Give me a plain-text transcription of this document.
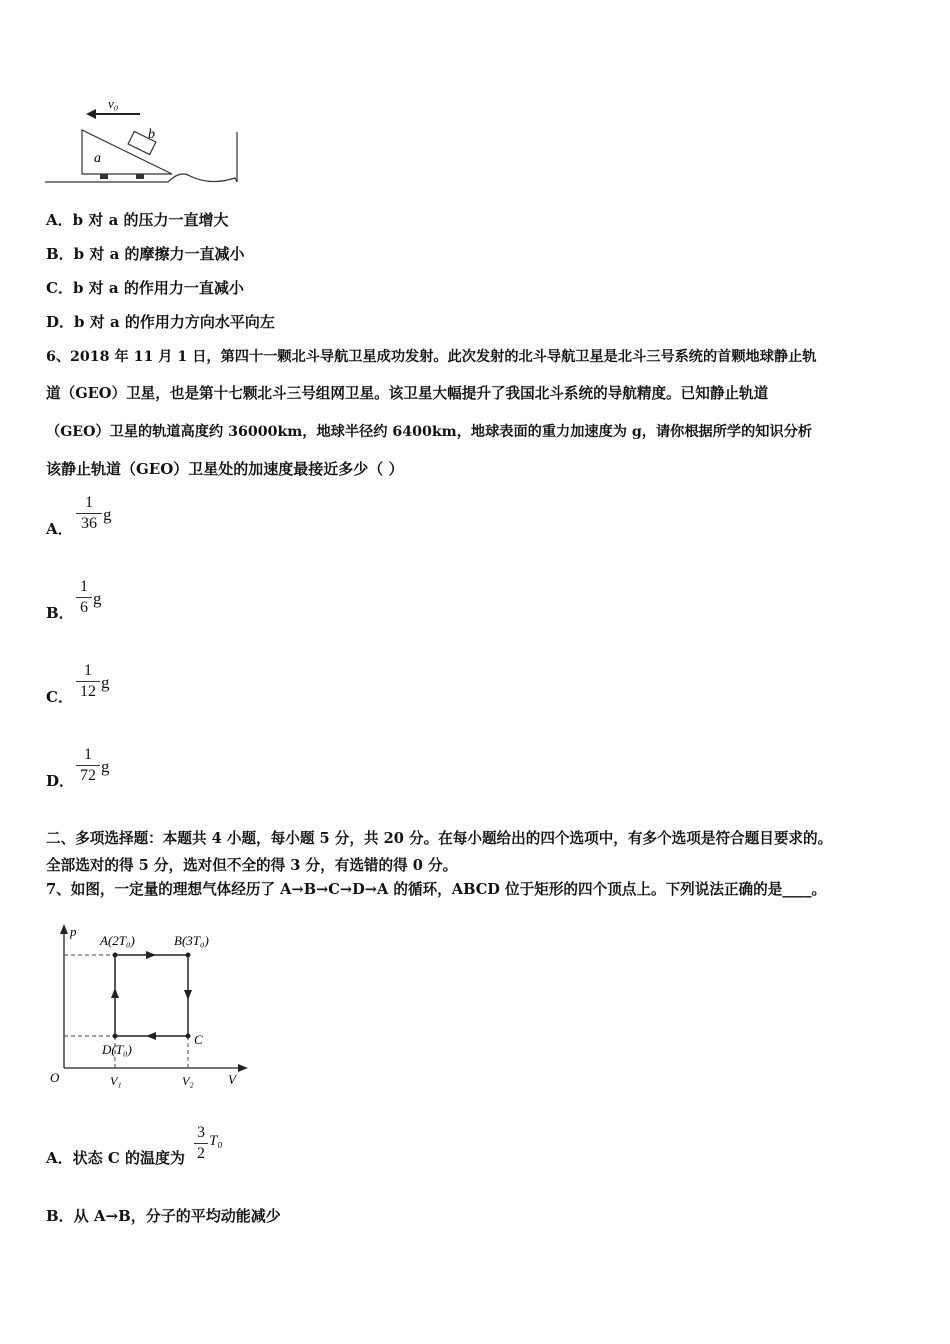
v₀
a
b
A．b 对 a 的压力一直增大
B．b 对 a 的摩擦力一直减小
C．b 对 a 的作用力一直减小
D．b 对 a 的作用力方向水平向左
6、2018 年 11 月 1 日，第四十一颗北斗导航卫星成功发射。此次发射的北斗导航卫星是北斗三号系统的首颗地球静止轨
道（GEO）卫星，也是第十七颗北斗三号组网卫星。该卫星大幅提升了我国北斗系统的导航精度。已知静止轨道
（GEO）卫星的轨道高度约 36000km，地球半径约 6400km，地球表面的重力加速度为 g，请你根据所学的知识分析
该静止轨道（GEO）卫星处的加速度最接近多少（ ）
A．
1
36 g
B．
1
6 g
C．
1
12 g
D．
1
72 g
二、多项选择题：本题共 4 小题，每小题 5 分，共 20 分。在每小题给出的四个选项中，有多个选项是符合题目要求的。
全部选对的得 5 分，选对但不全的得 3 分，有选错的得 0 分。
7、如图，一定量的理想气体经历了 A→B→C→D→A 的循环，ABCD 位于矩形的四个顶点上。下列说法正确的是____。
p
V
O
A(2T₀)	B(3T₀)
C
D(T₀)
V₁	V₂
A．状态 C 的温度为
3
2
T₀
B．从 A→B，分子的平均动能减少
